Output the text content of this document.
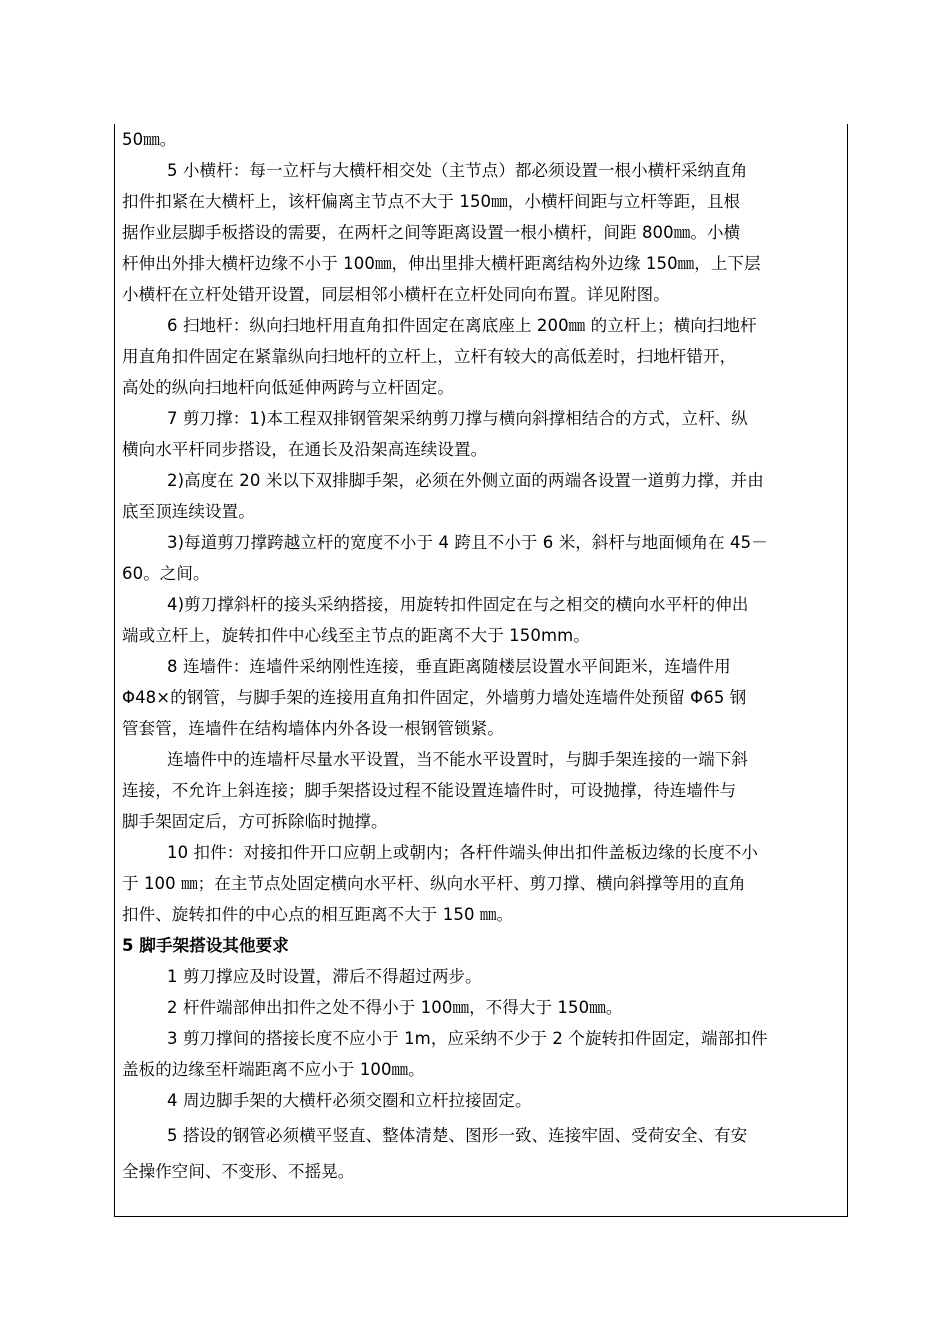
50㎜。
5 小横杆：每一立杆与大横杆相交处（主节点）都必须设置一根小横杆采纳直角
扣件扣紧在大横杆上，该杆偏离主节点不大于 150㎜，小横杆间距与立杆等距，且根
据作业层脚手板搭设的需要，在两杆之间等距离设置一根小横杆，间距 800㎜。小横
杆伸出外排大横杆边缘不小于 100㎜，伸出里排大横杆距离结构外边缘 150㎜，上下层
小横杆在立杆处错开设置，同层相邻小横杆在立杆处同向布置。详见附图。
6 扫地杆：纵向扫地杆用直角扣件固定在离底座上 200㎜ 的立杆上；横向扫地杆
用直角扣件固定在紧靠纵向扫地杆的立杆上，立杆有较大的高低差时，扫地杆错开，
高处的纵向扫地杆向低延伸两跨与立杆固定。
7 剪刀撑：1)本工程双排钢管架采纳剪刀撑与横向斜撑相结合的方式，立杆、纵
横向水平杆同步搭设，在通长及沿架高连续设置。
2)高度在 20 米以下双排脚手架，必须在外侧立面的两端各设置一道剪力撑，并由
底至顶连续设置。
3)每道剪刀撑跨越立杆的宽度不小于 4 跨且不小于 6 米，斜杆与地面倾角在 45－
60。之间。
4)剪刀撑斜杆的接头采纳搭接，用旋转扣件固定在与之相交的横向水平杆的伸出
端或立杆上，旋转扣件中心线至主节点的距离不大于 150mm。
8 连墙件：连墙件采纳刚性连接，垂直距离随楼层设置水平间距米，连墙件用
Φ48×的钢管，与脚手架的连接用直角扣件固定，外墙剪力墙处连墙件处预留 Φ65 钢
管套管，连墙件在结构墙体内外各设一根钢管锁紧。
连墙件中的连墙杆尽量水平设置，当不能水平设置时，与脚手架连接的一端下斜
连接，不允许上斜连接；脚手架搭设过程不能设置连墙件时，可设抛撑，待连墙件与
脚手架固定后，方可拆除临时抛撑。
10 扣件：对接扣件开口应朝上或朝内；各杆件端头伸出扣件盖板边缘的长度不小
于 100 ㎜；在主节点处固定横向水平杆、纵向水平杆、剪刀撑、横向斜撑等用的直角
扣件、旋转扣件的中心点的相互距离不大于 150 ㎜。
5 脚手架搭设其他要求
1 剪刀撑应及时设置，滞后不得超过两步。
2 杆件端部伸出扣件之处不得小于 100㎜，不得大于 150㎜。
3 剪刀撑间的搭接长度不应小于 1m，应采纳不少于 2 个旋转扣件固定，端部扣件
盖板的边缘至杆端距离不应小于 100㎜。
4 周边脚手架的大横杆必须交圈和立杆拉接固定。
5 搭设的钢管必须横平竖直、整体清楚、图形一致、连接牢固、受荷安全、有安
全操作空间、不变形、不摇晃。
